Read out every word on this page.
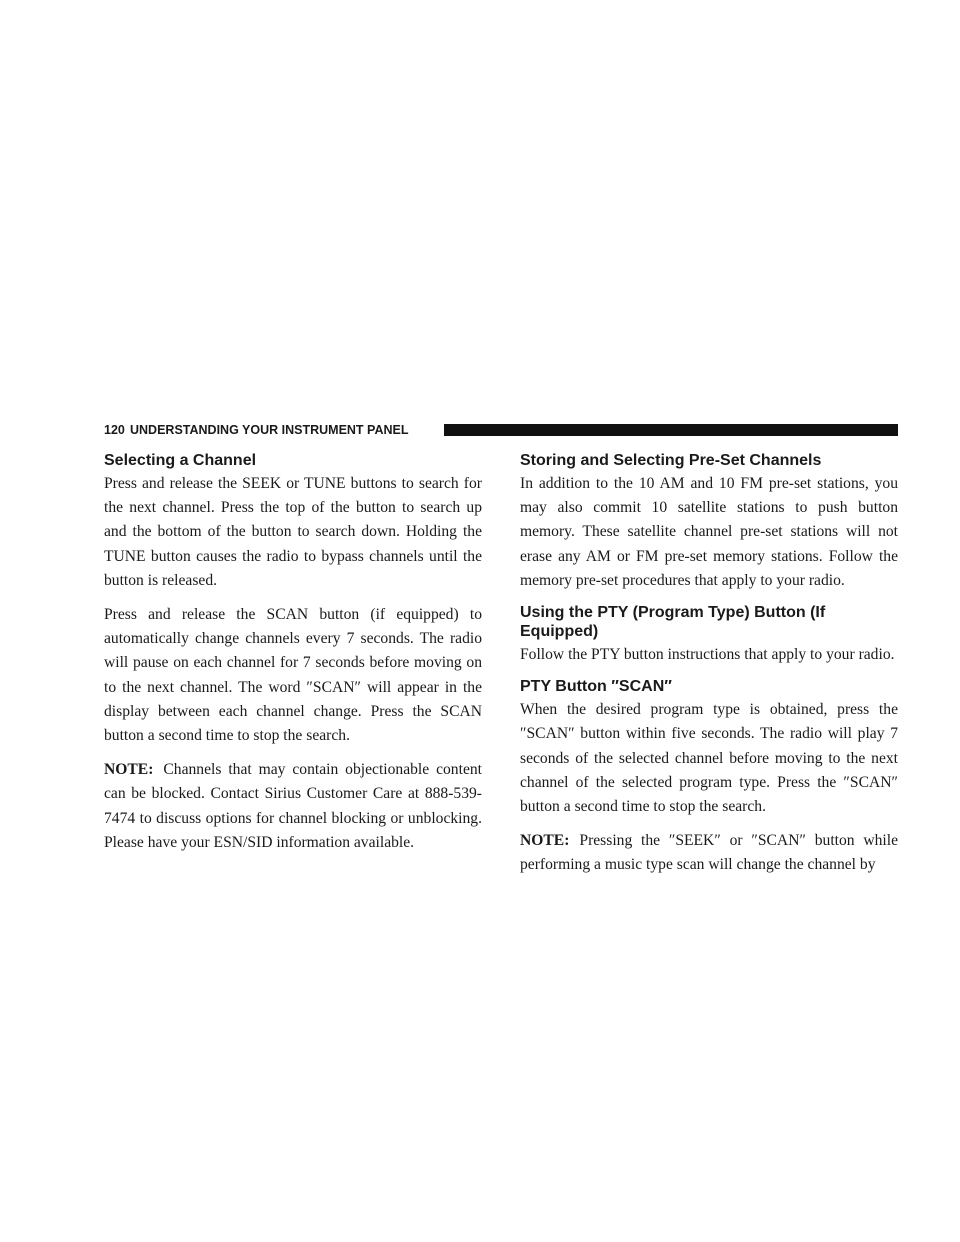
120 UNDERSTANDING YOUR INSTRUMENT PANEL
Selecting a Channel

Press and release the SEEK or TUNE buttons to search for the next channel. Press the top of the button to search up and the bottom of the button to search down. Holding the TUNE button causes the radio to bypass channels until the button is released.

Press and release the SCAN button (if equipped) to automatically change channels every 7 seconds. The radio will pause on each channel for 7 seconds before moving on to the next channel. The word ″SCAN″ will appear in the display between each channel change. Press the SCAN button a second time to stop the search.

NOTE: Channels that may contain objectionable content can be blocked. Contact Sirius Customer Care at 888-539-7474 to discuss options for channel blocking or unblocking. Please have your ESN/SID information available.

Storing and Selecting Pre-Set Channels

In addition to the 10 AM and 10 FM pre-set stations, you may also commit 10 satellite stations to push button memory. These satellite channel pre-set stations will not erase any AM or FM pre-set memory stations. Follow the memory pre-set procedures that apply to your radio.

Using the PTY (Program Type) Button (If Equipped)

Follow the PTY button instructions that apply to your radio.

PTY Button ″SCAN″

When the desired program type is obtained, press the ″SCAN″ button within five seconds. The radio will play 7 seconds of the selected channel before moving to the next channel of the selected program type. Press the ″SCAN″ button a second time to stop the search.

NOTE: Pressing the ″SEEK″ or ″SCAN″ button while performing a music type scan will change the channel by
